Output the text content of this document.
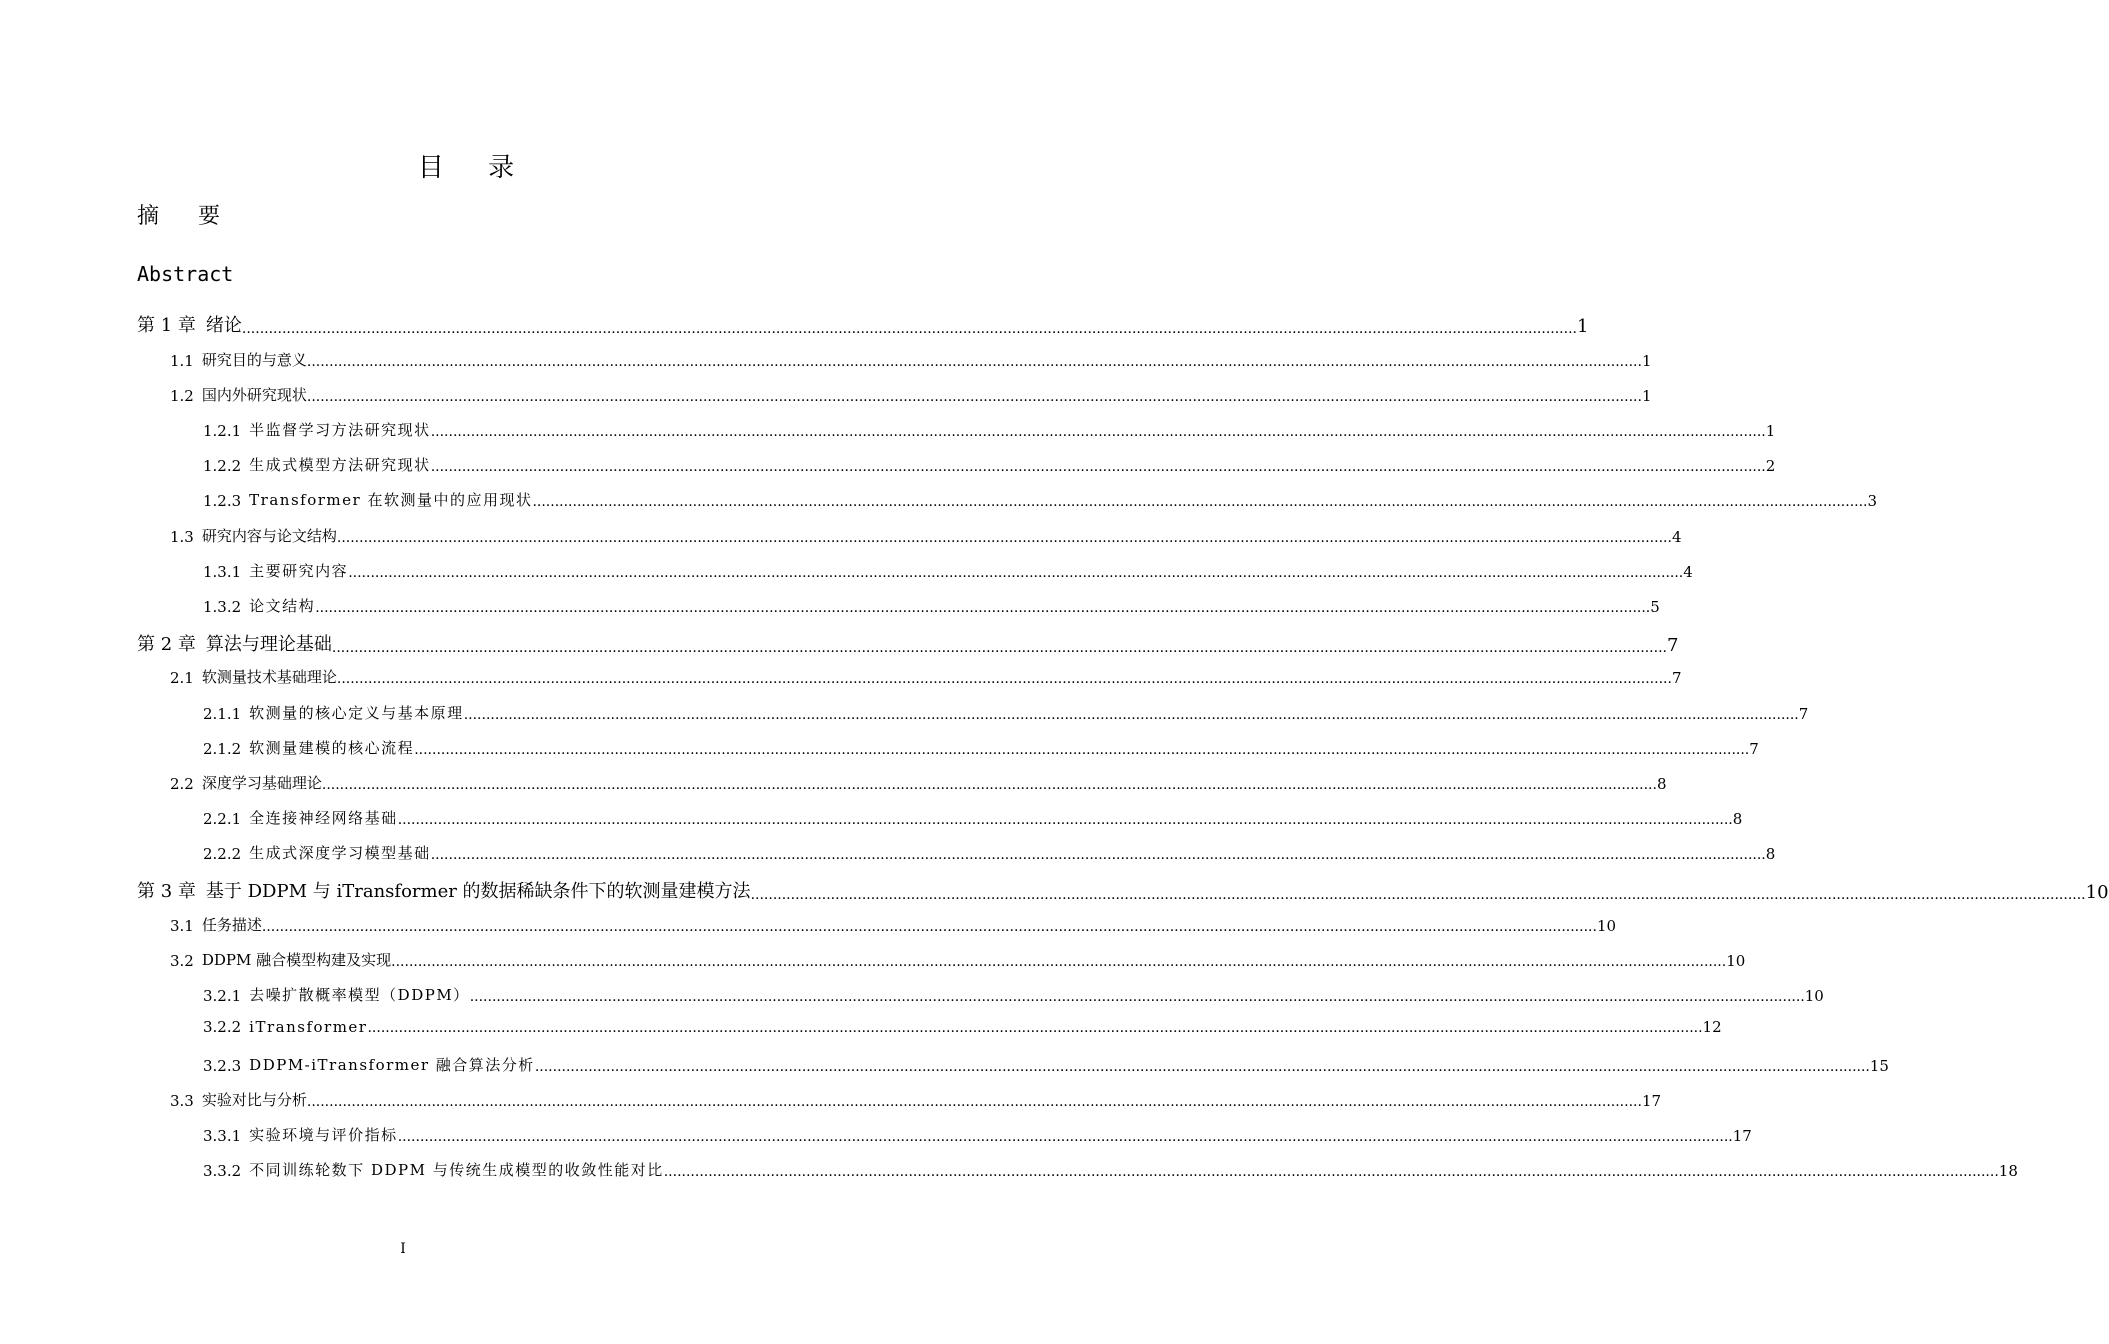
目 录
摘 要
Abstract
第 1 章 绪论 ............................................................................................................................................................................................................................................................................................................ 1
1.1 研究目的与意义 ............................................................................................................................................................................................................................................................................................................ 1
1.2 国内外研究现状 ............................................................................................................................................................................................................................................................................................................ 1
1.2.1 半监督学习方法研究现状 ............................................................................................................................................................................................................................................................................................................ 1
1.2.2 生成式模型方法研究现状 ............................................................................................................................................................................................................................................................................................................ 2
1.2.3 Transformer 在软测量中的应用现状 ............................................................................................................................................................................................................................................................................................................ 3
1.3 研究内容与论文结构 ............................................................................................................................................................................................................................................................................................................ 4
1.3.1 主要研究内容 ............................................................................................................................................................................................................................................................................................................ 4
1.3.2 论文结构 ............................................................................................................................................................................................................................................................................................................ 5
第 2 章 算法与理论基础 ............................................................................................................................................................................................................................................................................................................ 7
2.1 软测量技术基础理论 ............................................................................................................................................................................................................................................................................................................ 7
2.1.1 软测量的核心定义与基本原理 ............................................................................................................................................................................................................................................................................................................ 7
2.1.2 软测量建模的核心流程 ............................................................................................................................................................................................................................................................................................................ 7
2.2 深度学习基础理论 ............................................................................................................................................................................................................................................................................................................ 8
2.2.1 全连接神经网络基础 ............................................................................................................................................................................................................................................................................................................ 8
2.2.2 生成式深度学习模型基础 ............................................................................................................................................................................................................................................................................................................ 8
第 3 章 基于 DDPM 与 iTransformer 的数据稀缺条件下的软测量建模方法 ............................................................................................................................................................................................................................................................................................................ 10
3.1 任务描述 ............................................................................................................................................................................................................................................................................................................ 10
3.2 DDPM 融合模型构建及实现 ............................................................................................................................................................................................................................................................................................................ 10
3.2.1 去噪扩散概率模型（DDPM） ............................................................................................................................................................................................................................................................................................................ 10
3.2.2 iTransformer ............................................................................................................................................................................................................................................................................................................ 12
3.2.3 DDPM-iTransformer 融合算法分析 ............................................................................................................................................................................................................................................................................................................ 15
3.3 实验对比与分析 ............................................................................................................................................................................................................................................................................................................ 17
3.3.1 实验环境与评价指标 ............................................................................................................................................................................................................................................................................................................ 17
3.3.2 不同训练轮数下 DDPM 与传统生成模型的收敛性能对比 ............................................................................................................................................................................................................................................................................................................ 18
I
